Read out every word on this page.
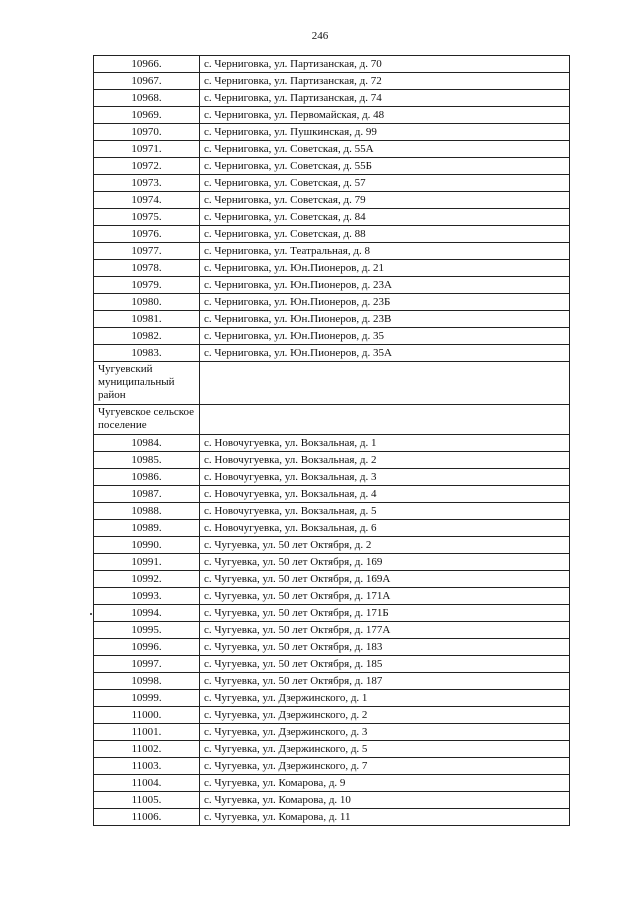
246
10966.	с. Черниговка, ул. Партизанская, д. 70
10967.	с. Черниговка, ул. Партизанская, д. 72
10968.	с. Черниговка, ул. Партизанская, д. 74
10969.	с. Черниговка, ул. Первомайская, д. 48
10970.	с. Черниговка, ул. Пушкинская, д. 99
10971.	с. Черниговка, ул. Советская, д. 55А
10972.	с. Черниговка, ул. Советская, д. 55Б
10973.	с. Черниговка, ул. Советская, д. 57
10974.	с. Черниговка, ул. Советская, д. 79
10975.	с. Черниговка, ул. Советская, д. 84
10976.	с. Черниговка, ул. Советская, д. 88
10977.	с. Черниговка, ул. Театральная, д. 8
10978.	с. Черниговка, ул. Юн.Пионеров, д. 21
10979.	с. Черниговка, ул. Юн.Пионеров, д. 23А
10980.	с. Черниговка, ул. Юн.Пионеров, д. 23Б
10981.	с. Черниговка, ул. Юн.Пионеров, д. 23В
10982.	с. Черниговка, ул. Юн.Пионеров, д. 35
10983.	с. Черниговка, ул. Юн.Пионеров, д. 35А
Чугуевский муниципальный район	
Чугуевское сельское поселение	
10984.	с. Новочугуевка, ул. Вокзальная, д. 1
10985.	с. Новочугуевка, ул. Вокзальная, д. 2
10986.	с. Новочугуевка, ул. Вокзальная, д. 3
10987.	с. Новочугуевка, ул. Вокзальная, д. 4
10988.	с. Новочугуевка, ул. Вокзальная, д. 5
10989.	с. Новочугуевка, ул. Вокзальная, д. 6
10990.	с. Чугуевка, ул. 50 лет Октября, д. 2
10991.	с. Чугуевка, ул. 50 лет Октября, д. 169
10992.	с. Чугуевка, ул. 50 лет Октября, д. 169А
10993.	с. Чугуевка, ул. 50 лет Октября, д. 171А
10994.	с. Чугуевка, ул. 50 лет Октября, д. 171Б
10995.	с. Чугуевка, ул. 50 лет Октября, д. 177А
10996.	с. Чугуевка, ул. 50 лет Октября, д. 183
10997.	с. Чугуевка, ул. 50 лет Октября, д. 185
10998.	с. Чугуевка, ул. 50 лет Октября, д. 187
10999.	с. Чугуевка, ул. Дзержинского, д. 1
11000.	с. Чугуевка, ул. Дзержинского, д. 2
11001.	с. Чугуевка, ул. Дзержинского, д. 3
11002.	с. Чугуевка, ул. Дзержинского, д. 5
11003.	с. Чугуевка, ул. Дзержинского, д. 7
11004.	с. Чугуевка, ул. Комарова, д. 9
11005.	с. Чугуевка, ул. Комарова, д. 10
11006.	с. Чугуевка, ул. Комарова, д. 11
